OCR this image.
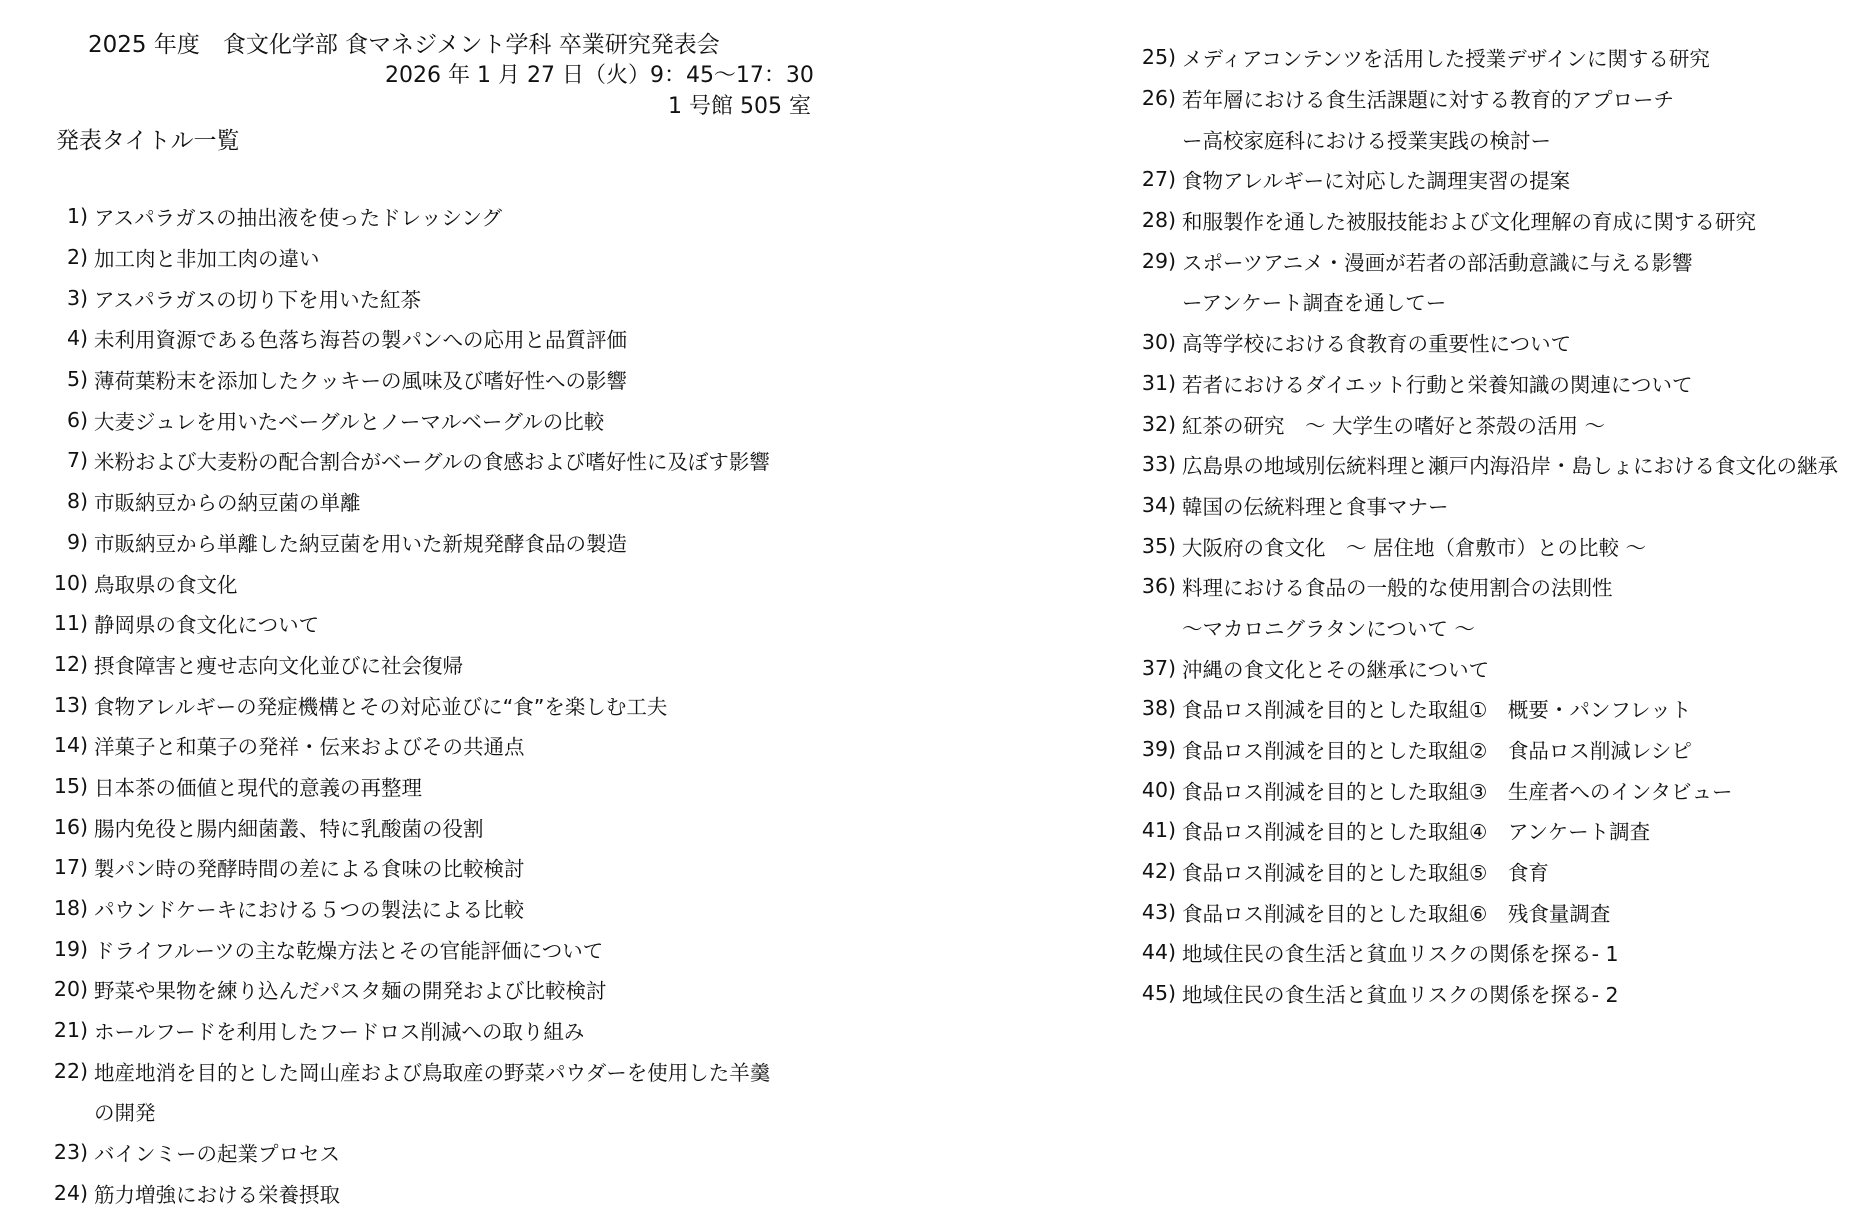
2025 年度　食文化学部 食マネジメント学科 卒業研究発表会
2026 年 1 月 27 日（火）9：45～17：30
1 号館 505 室
発表タイトル一覧
1) アスパラガスの抽出液を使ったドレッシング
2) 加工肉と非加工肉の違い
3) アスパラガスの切り下を用いた紅茶
4) 未利用資源である色落ち海苔の製パンへの応用と品質評価
5) 薄荷葉粉末を添加したクッキーの風味及び嗜好性への影響
6) 大麦ジュレを用いたベーグルとノーマルベーグルの比較
7) 米粉および大麦粉の配合割合がベーグルの食感および嗜好性に及ぼす影響
8) 市販納豆からの納豆菌の単離
9) 市販納豆から単離した納豆菌を用いた新規発酵食品の製造
10) 鳥取県の食文化
11) 静岡県の食文化について
12) 摂食障害と痩せ志向文化並びに社会復帰
13) 食物アレルギーの発症機構とその対応並びに“食”を楽しむ工夫
14) 洋菓子と和菓子の発祥・伝来およびその共通点
15) 日本茶の価値と現代的意義の再整理
16) 腸内免役と腸内細菌叢、特に乳酸菌の役割
17) 製パン時の発酵時間の差による食味の比較検討
18) パウンドケーキにおける５つの製法による比較
19) ドライフルーツの主な乾燥方法とその官能評価について
20) 野菜や果物を練り込んだパスタ麺の開発および比較検討
21) ホールフードを利用したフードロス削減への取り組み
22) 地産地消を目的とした岡山産および鳥取産の野菜パウダーを使用した羊羹
の開発
23) バインミーの起業プロセス
24) 筋力増強における栄養摂取
25) メディアコンテンツを活用した授業デザインに関する研究
26) 若年層における食生活課題に対する教育的アプローチ
ー高校家庭科における授業実践の検討ー
27) 食物アレルギーに対応した調理実習の提案
28) 和服製作を通した被服技能および文化理解の育成に関する研究
29) スポーツアニメ・漫画が若者の部活動意識に与える影響
ーアンケート調査を通してー
30) 高等学校における食教育の重要性について
31) 若者におけるダイエット行動と栄養知識の関連について
32) 紅茶の研究　～ 大学生の嗜好と茶殻の活用 ～
33) 広島県の地域別伝統料理と瀬戸内海沿岸・島しょにおける食文化の継承
34) 韓国の伝統料理と食事マナー
35) 大阪府の食文化　～ 居住地（倉敷市）との比較 ～
36) 料理における食品の一般的な使用割合の法則性
～マカロニグラタンについて ～
37) 沖縄の食文化とその継承について
38) 食品ロス削減を目的とした取組①　概要・パンフレット
39) 食品ロス削減を目的とした取組②　食品ロス削減レシピ
40) 食品ロス削減を目的とした取組③　生産者へのインタビュー
41) 食品ロス削減を目的とした取組④　アンケート調査
42) 食品ロス削減を目的とした取組⑤　食育
43) 食品ロス削減を目的とした取組⑥　残食量調査
44) 地域住民の食生活と貧血リスクの関係を探る- 1
45) 地域住民の食生活と貧血リスクの関係を探る- 2
